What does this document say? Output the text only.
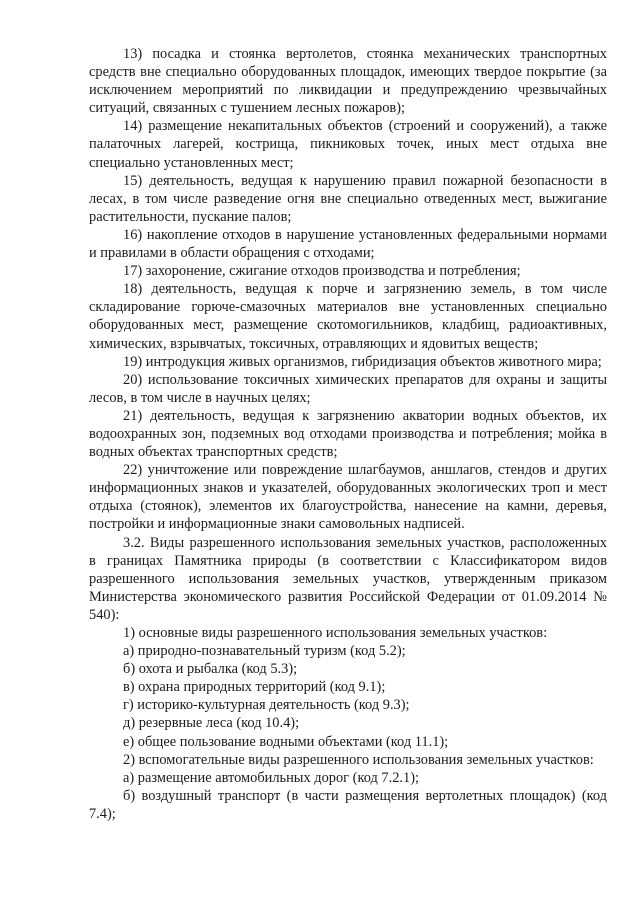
13) посадка и стоянка вертолетов, стоянка механических транспортных средств вне специально оборудованных площадок, имеющих твердое покрытие (за исключением мероприятий по ликвидации и предупреждению чрезвычайных ситуаций, связанных с тушением лесных пожаров);

14) размещение некапитальных объектов (строений и сооружений), а также палаточных лагерей, кострища, пикниковых точек, иных мест отдыха вне специально установленных мест;

15) деятельность, ведущая к нарушению правил пожарной безопасности в лесах, в том числе разведение огня вне специально отведенных мест, выжигание растительности, пускание палов;

16) накопление отходов в нарушение установленных федеральными нормами и правилами в области обращения с отходами;

17) захоронение, сжигание отходов производства и потребления;

18) деятельность, ведущая к порче и загрязнению земель, в том числе складирование горюче-смазочных материалов вне установленных специально оборудованных мест, размещение скотомогильников, кладбищ, радиоактивных, химических, взрывчатых, токсичных, отравляющих и ядовитых веществ;

19) интродукция живых организмов, гибридизация объектов животного мира;

20) использование токсичных химических препаратов для охраны и защиты лесов, в том числе в научных целях;

21) деятельность, ведущая к загрязнению акватории водных объектов, их водоохранных зон, подземных вод отходами производства и потребления; мойка в водных объектах транспортных средств;

22) уничтожение или повреждение шлагбаумов, аншлагов, стендов и других информационных знаков и указателей, оборудованных экологических троп и мест отдыха (стоянок), элементов их благоустройства, нанесение на камни, деревья, постройки и информационные знаки самовольных надписей.

3.2. Виды разрешенного использования земельных участков, расположенных в границах Памятника природы (в соответствии с Классификатором видов разрешенного использования земельных участков, утвержденным приказом Министерства экономического развития Российской Федерации от 01.09.2014 № 540):

1) основные виды разрешенного использования земельных участков:

а) природно-познавательный туризм (код 5.2);

б) охота и рыбалка (код 5.3);

в) охрана природных территорий (код 9.1);

г) историко-культурная деятельность (код 9.3);

д) резервные леса (код 10.4);

е) общее пользование водными объектами (код 11.1);

2) вспомогательные виды разрешенного использования земельных участков:

а) размещение автомобильных дорог (код 7.2.1);

б) воздушный транспорт (в части размещения вертолетных площадок) (код 7.4);
